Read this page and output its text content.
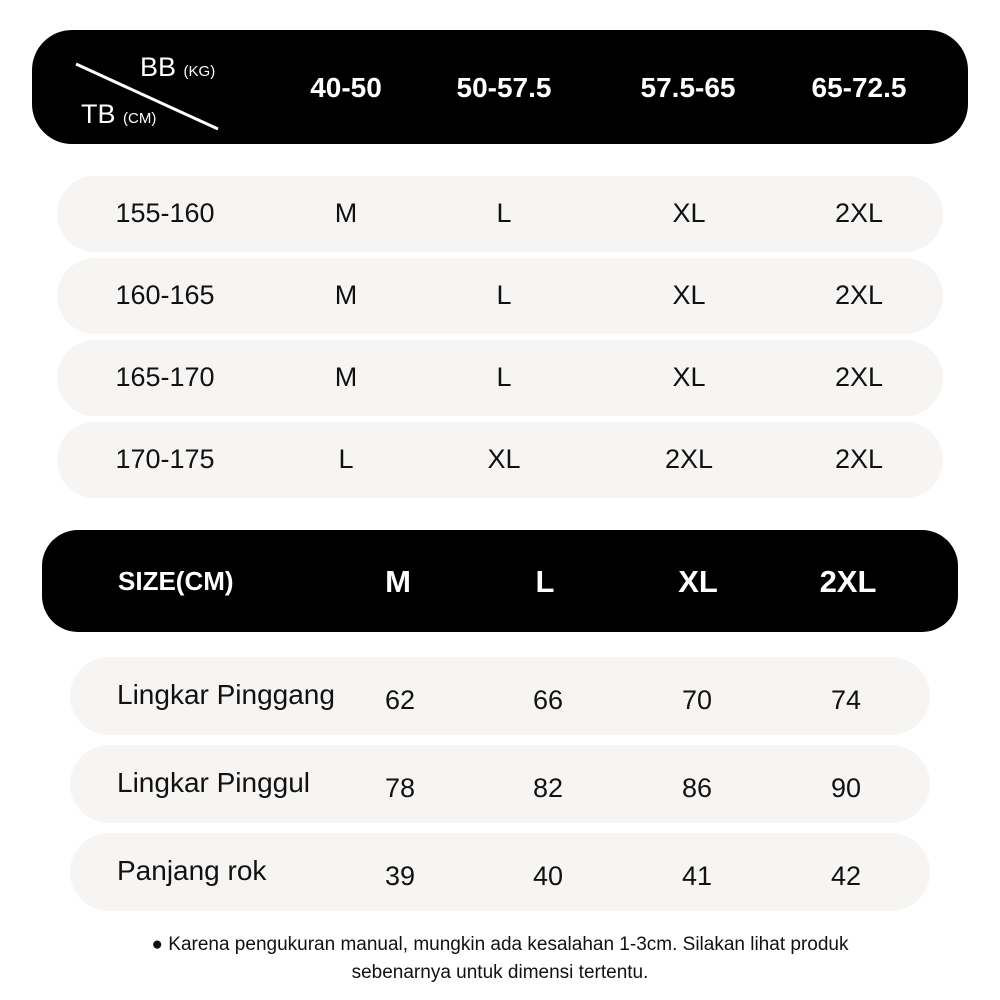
BB (KG)
TB (CM)
40-50	50-57.5	57.5-65	65-72.5
155-160	M	L	XL	2XL
160-165	M	L	XL	2XL
165-170	M	L	XL	2XL
170-175	L	XL	2XL	2XL
SIZE(CM)	M	L	XL	2XL
Lingkar Pinggang 62	66	70	74
Lingkar Pinggul	78	82	86	90
Panjang rok	39	40	41	42
● Karena pengukuran manual, mungkin ada kesalahan 1-3cm. Silakan lihat produk
sebenarnya untuk dimensi tertentu.
